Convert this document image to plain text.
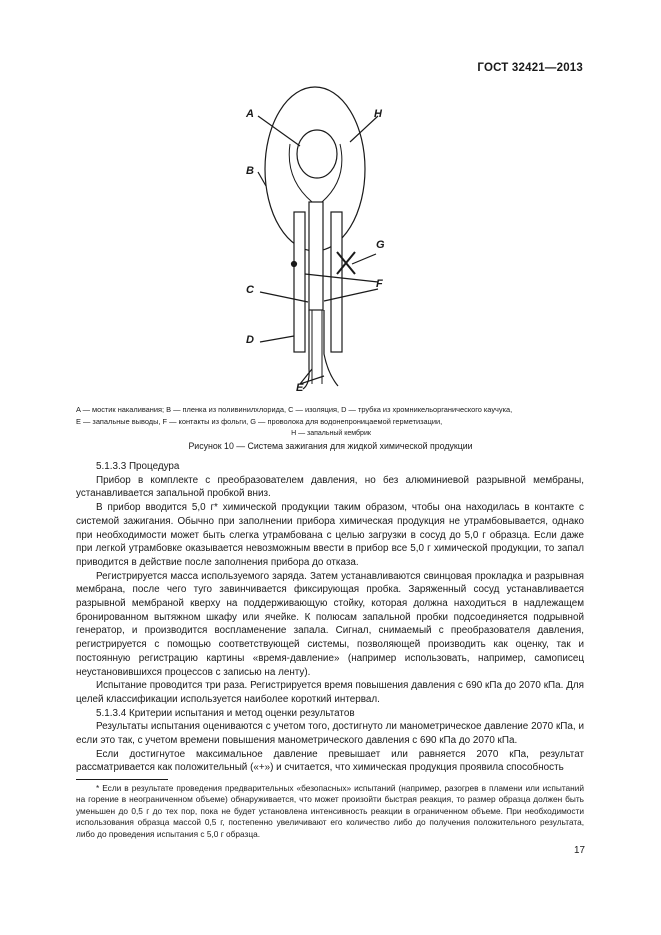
ГОСТ 32421—2013
A	H
B
G
C	F
D
E
A — мостик накаливания; B — пленка из поливинилхлорида, C — изоляция, D — трубка из хромникельорганического каучука,
E — запальные выводы, F — контакты из фольги, G — проволока для водонепроницаемой герметизации,
H — запальный кембрик
Рисунок 10 — Система зажигания для жидкой химической продукции

5.1.3.3 Процедура

Прибор в комплекте с преобразователем давления, но без алюминиевой разрывной мембраны, устанавливается запальной пробкой вниз.

В прибор вводится 5,0 г* химической продукции таким образом, чтобы она находилась в контакте с системой зажигания. Обычно при заполнении прибора химическая продукция не утрамбовывается, однако при необходимости может быть слегка утрамбована с целью загрузки в сосуд до 5,0 г образца. Если даже при легкой утрамбовке оказывается невозможным ввести в прибор все 5,0 г химической продукции, то запал приводится в действие после заполнения прибора до отказа.

Регистрируется масса используемого заряда. Затем устанавливаются свинцовая прокладка и разрывная мембрана, после чего туго завинчивается фиксирующая пробка. Заряженный сосуд устанавливается разрывной мембраной кверху на поддерживающую стойку, которая должна находиться в надлежащем бронированном вытяжном шкафу или ячейке. К полюсам запальной пробки подсоединяется подрывной генератор, и производится воспламенение запала. Сигнал, снимаемый с преобразователя давления, регистрируется с помощью соответствующей системы, позволяющей производить как оценку, так и постоянную регистрацию картины «время-давление» (например использовать, например, самописец неустановившихся процессов с записью на ленту).

Испытание проводится три раза. Регистрируется время повышения давления с 690 кПа до 2070 кПа. Для целей классификации используется наиболее короткий интервал.

5.1.3.4 Критерии испытания и метод оценки результатов

Результаты испытания оцениваются с учетом того, достигнуто ли манометрическое давление 2070 кПа, и если это так, с учетом времени повышения манометрического давления с 690 кПа до 2070 кПа.

Если достигнутое максимальное давление превышает или равняется 2070 кПа, результат рассматривается как положительный («+») и считается, что химическая продукция проявила способность

* Если в результате проведения предварительных «безопасных» испытаний (например, разогрев в пламени или испытаний на горение в неограниченном объеме) обнаруживается, что может произойти быстрая реакция, то размер образца должен быть уменьшен до 0,5 г до тех пор, пока не будет установлена интенсивность реакции в ограниченном объеме. При необходимости использования образца массой 0,5 г, постепенно увеличивают его количество либо до получения положительного результата, либо до проведения испытания с 5,0 г образца.
17
